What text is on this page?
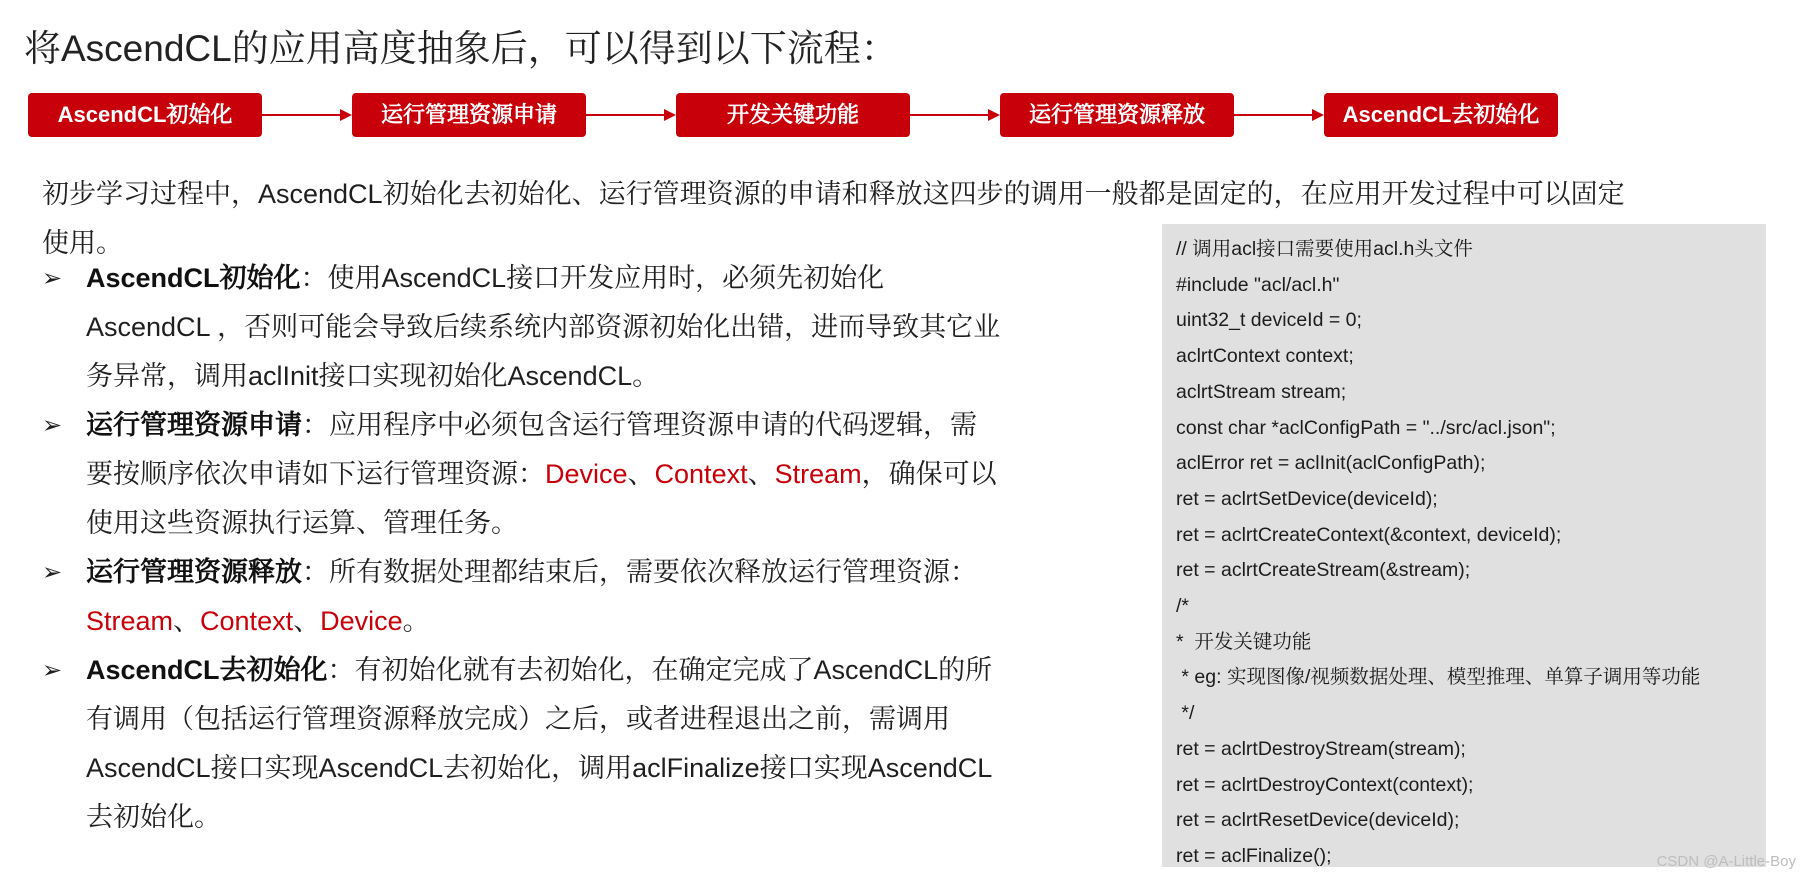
将AscendCL的应用高度抽象后，可以得到以下流程：
AscendCL初始化	运行管理资源申请	开发关键功能	运行管理资源释放	AscendCL去初始化
初步学习过程中，AscendCL初始化去初始化、运行管理资源的申请和释放这四步的调用一般都是固定的，在应用开发过程中可以固定使用。
➢ AscendCL初始化：使用AscendCL接口开发应用时，必须先初始化AscendCL ，否则可能会导致后续系统内部资源初始化出错，进而导致其它业务异常，调用aclInit接口实现初始化AscendCL。
➢ 运行管理资源申请：应用程序中必须包含运行管理资源申请的代码逻辑，需要按顺序依次申请如下运行管理资源：Device、Context、Stream，确保可以使用这些资源执行运算、管理任务。
➢ 运行管理资源释放：所有数据处理都结束后，需要依次释放运行管理资源：Stream、Context、Device。
➢ AscendCL去初始化：有初始化就有去初始化，在确定完成了AscendCL的所有调用（包括运行管理资源释放完成）之后，或者进程退出之前，需调用AscendCL接口实现AscendCL去初始化，调用aclFinalize接口实现AscendCL去初始化。
// 调用acl接口需要使用acl.h头文件
#include "acl/acl.h"
uint32_t deviceId = 0;
aclrtContext context;
aclrtStream stream;
const char *aclConfigPath = "../src/acl.json";
aclError ret = aclInit(aclConfigPath);
ret = aclrtSetDevice(deviceId);
ret = aclrtCreateContext(&context, deviceId);
ret = aclrtCreateStream(&stream);
/*
*  开发关键功能
* eg: 实现图像/视频数据处理、模型推理、单算子调用等功能
*/
ret = aclrtDestroyStream(stream);
ret = aclrtDestroyContext(context);
ret = aclrtResetDevice(deviceId);
ret = aclFinalize();	CSDN @A-Little-Boy
